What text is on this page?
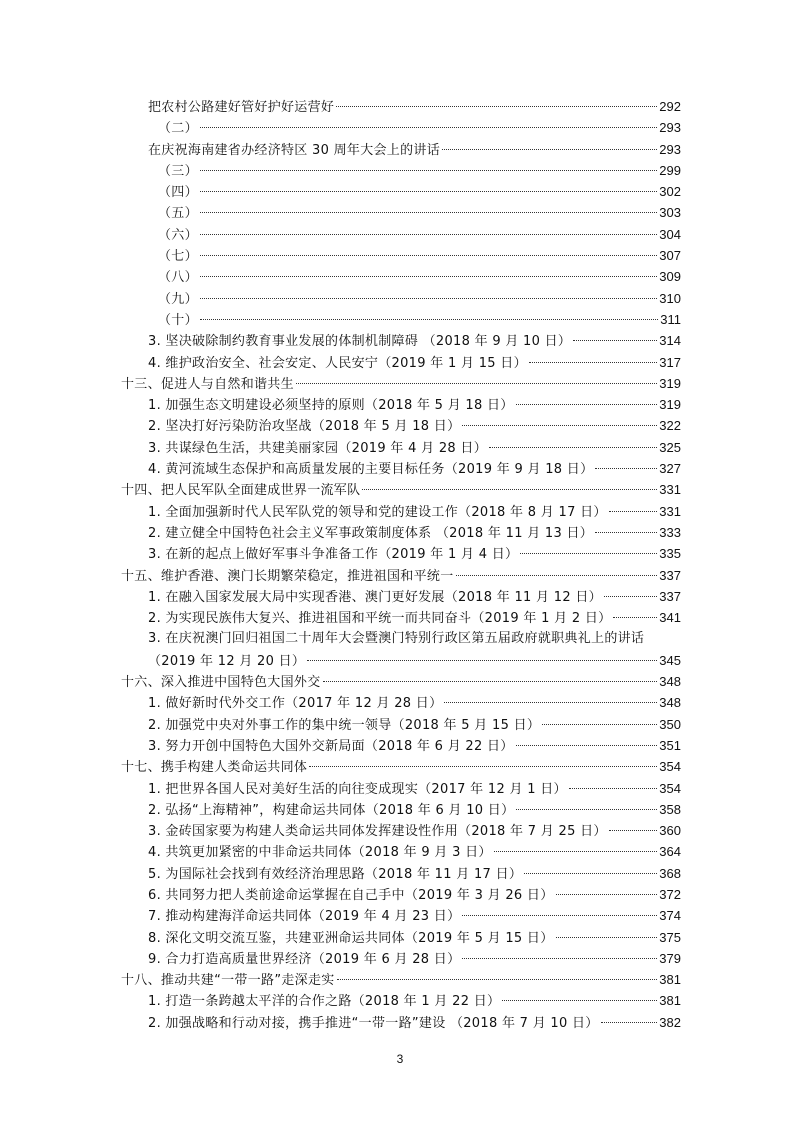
把农村公路建好管好护好运营好	292
（二）	293
在庆祝海南建省办经济特区 30 周年大会上的讲话	293
（三）	299
（四）	302
（五）	303
（六）	304
（七）	307
（八）	309
（九）	310
（十）	311
3. 坚决破除制约教育事业发展的体制机制障碍 （2018 年 9 月 10 日）	314
4. 维护政治安全、社会安定、人民安宁（2019 年 1 月 15 日）	317
十三、促进人与自然和谐共生	319
1. 加强生态文明建设必须坚持的原则（2018 年 5 月 18 日）	319
2. 坚决打好污染防治攻坚战（2018 年 5 月 18 日）	322
3. 共谋绿色生活，共建美丽家园（2019 年 4 月 28 日）	325
4. 黄河流域生态保护和高质量发展的主要目标任务（2019 年 9 月 18 日）	327
十四、把人民军队全面建成世界一流军队	331
1. 全面加强新时代人民军队党的领导和党的建设工作（2018 年 8 月 17 日）	331
2. 建立健全中国特色社会主义军事政策制度体系 （2018 年 11 月 13 日）	333
3. 在新的起点上做好军事斗争准备工作（2019 年 1 月 4 日）	335
十五、维护香港、澳门长期繁荣稳定，推进祖国和平统一	337
1. 在融入国家发展大局中实现香港、澳门更好发展（2018 年 11 月 12 日）	337
2. 为实现民族伟大复兴、推进祖国和平统一而共同奋斗（2019 年 1 月 2 日）	341
3. 在庆祝澳门回归祖国二十周年大会暨澳门特别行政区第五届政府就职典礼上的讲话
（2019 年 12 月 20 日）	345
十六、深入推进中国特色大国外交	348
1. 做好新时代外交工作（2017 年 12 月 28 日）	348
2. 加强党中央对外事工作的集中统一领导（2018 年 5 月 15 日）	350
3. 努力开创中国特色大国外交新局面（2018 年 6 月 22 日）	351
十七、携手构建人类命运共同体	354
1. 把世界各国人民对美好生活的向往变成现实（2017 年 12 月 1 日）	354
2. 弘扬“上海精神”，构建命运共同体（2018 年 6 月 10 日）	358
3. 金砖国家要为构建人类命运共同体发挥建设性作用（2018 年 7 月 25 日）	360
4. 共筑更加紧密的中非命运共同体（2018 年 9 月 3 日）	364
5. 为国际社会找到有效经济治理思路（2018 年 11 月 17 日）	368
6. 共同努力把人类前途命运掌握在自己手中（2019 年 3 月 26 日）	372
7. 推动构建海洋命运共同体（2019 年 4 月 23 日）	374
8. 深化文明交流互鉴，共建亚洲命运共同体（2019 年 5 月 15 日）	375
9. 合力打造高质量世界经济（2019 年 6 月 28 日）	379
十八、推动共建“一带一路”走深走实	381
1. 打造一条跨越太平洋的合作之路（2018 年 1 月 22 日）	381
2. 加强战略和行动对接，携手推进“一带一路”建设 （2018 年 7 月 10 日）	382
3
